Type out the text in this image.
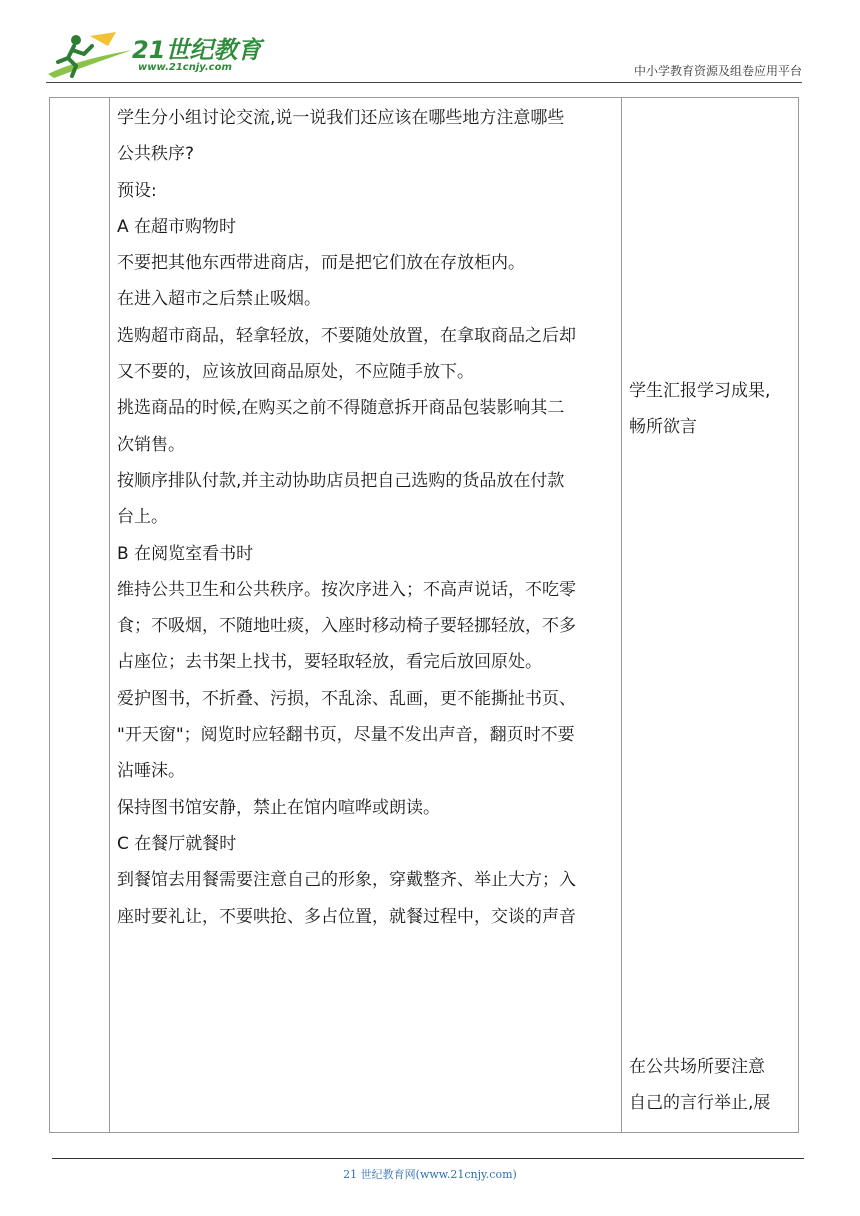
21世纪教育
www.21cnjy.com	中小学教育资源及组卷应用平台

学生分小组讨论交流,说一说我们还应该在哪些地方注意哪些

公共秩序?

预设:

A 在超市购物时

不要把其他东西带进商店，而是把它们放在存放柜内。

在进入超市之后禁止吸烟。

选购超市商品，轻拿轻放，不要随处放置，在拿取商品之后却

又不要的，应该放回商品原处，不应随手放下。

挑选商品的时候,在购买之前不得随意拆开商品包装影响其二

次销售。

按顺序排队付款,并主动协助店员把自己选购的货品放在付款

台上。

B 在阅览室看书时

维持公共卫生和公共秩序。按次序进入；不高声说话，不吃零

食；不吸烟，不随地吐痰，入座时移动椅子要轻挪轻放，不多

占座位；去书架上找书，要轻取轻放，看完后放回原处。

爱护图书，不折叠、污损，不乱涂、乱画，更不能撕扯书页、

"开天窗"；阅览时应轻翻书页，尽量不发出声音，翻页时不要

沾唾沫。

保持图书馆安静，禁止在馆内喧哗或朗读。

C 在餐厅就餐时

到餐馆去用餐需要注意自己的形象，穿戴整齐、举止大方；入

座时要礼让，不要哄抢、多占位置，就餐过程中，交谈的声音

学生汇报学习成果,

畅所欲言

在公共场所要注意

自己的言行举止,展

21 世纪教育网(www.21cnjy.com)
